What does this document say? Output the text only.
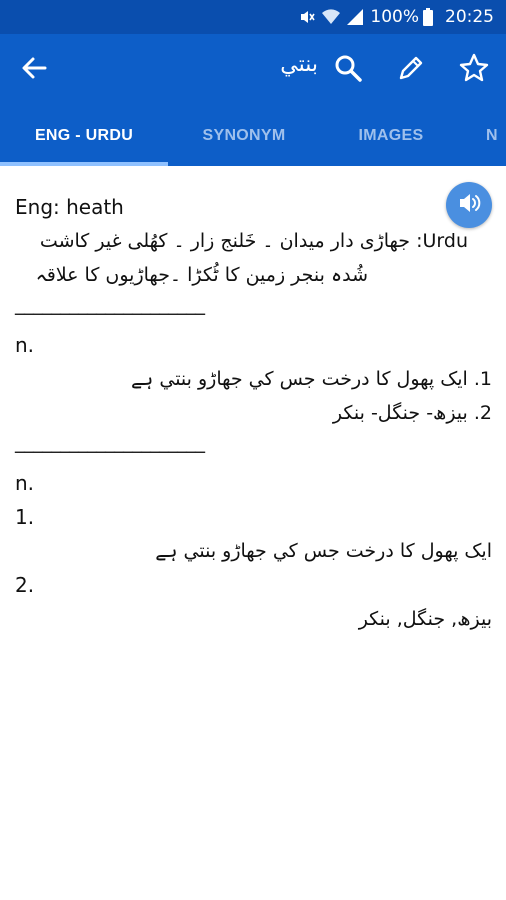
100% 20:25
بنتي
ENG - URDU	SYNONYM	IMAGES	N
Eng: heath
Urdu: جھاڑی دار میدان ۔ خَلنج زار ۔ کھُلی غیر کاشت
شُدہ بنجر زمین کا ٹُکڑا ۔جھاڑیوں کا علاقہ
_____________________
n.
1. ایک پھول کا درخت جس کي جھاڑو بنتي ہے
2. بیزھ- جنگل- بنکر
_____________________
n.
1.
ایک پھول کا درخت جس کي جھاڑو بنتي ہے
2.
بیزھ, جنگل, بنکر
